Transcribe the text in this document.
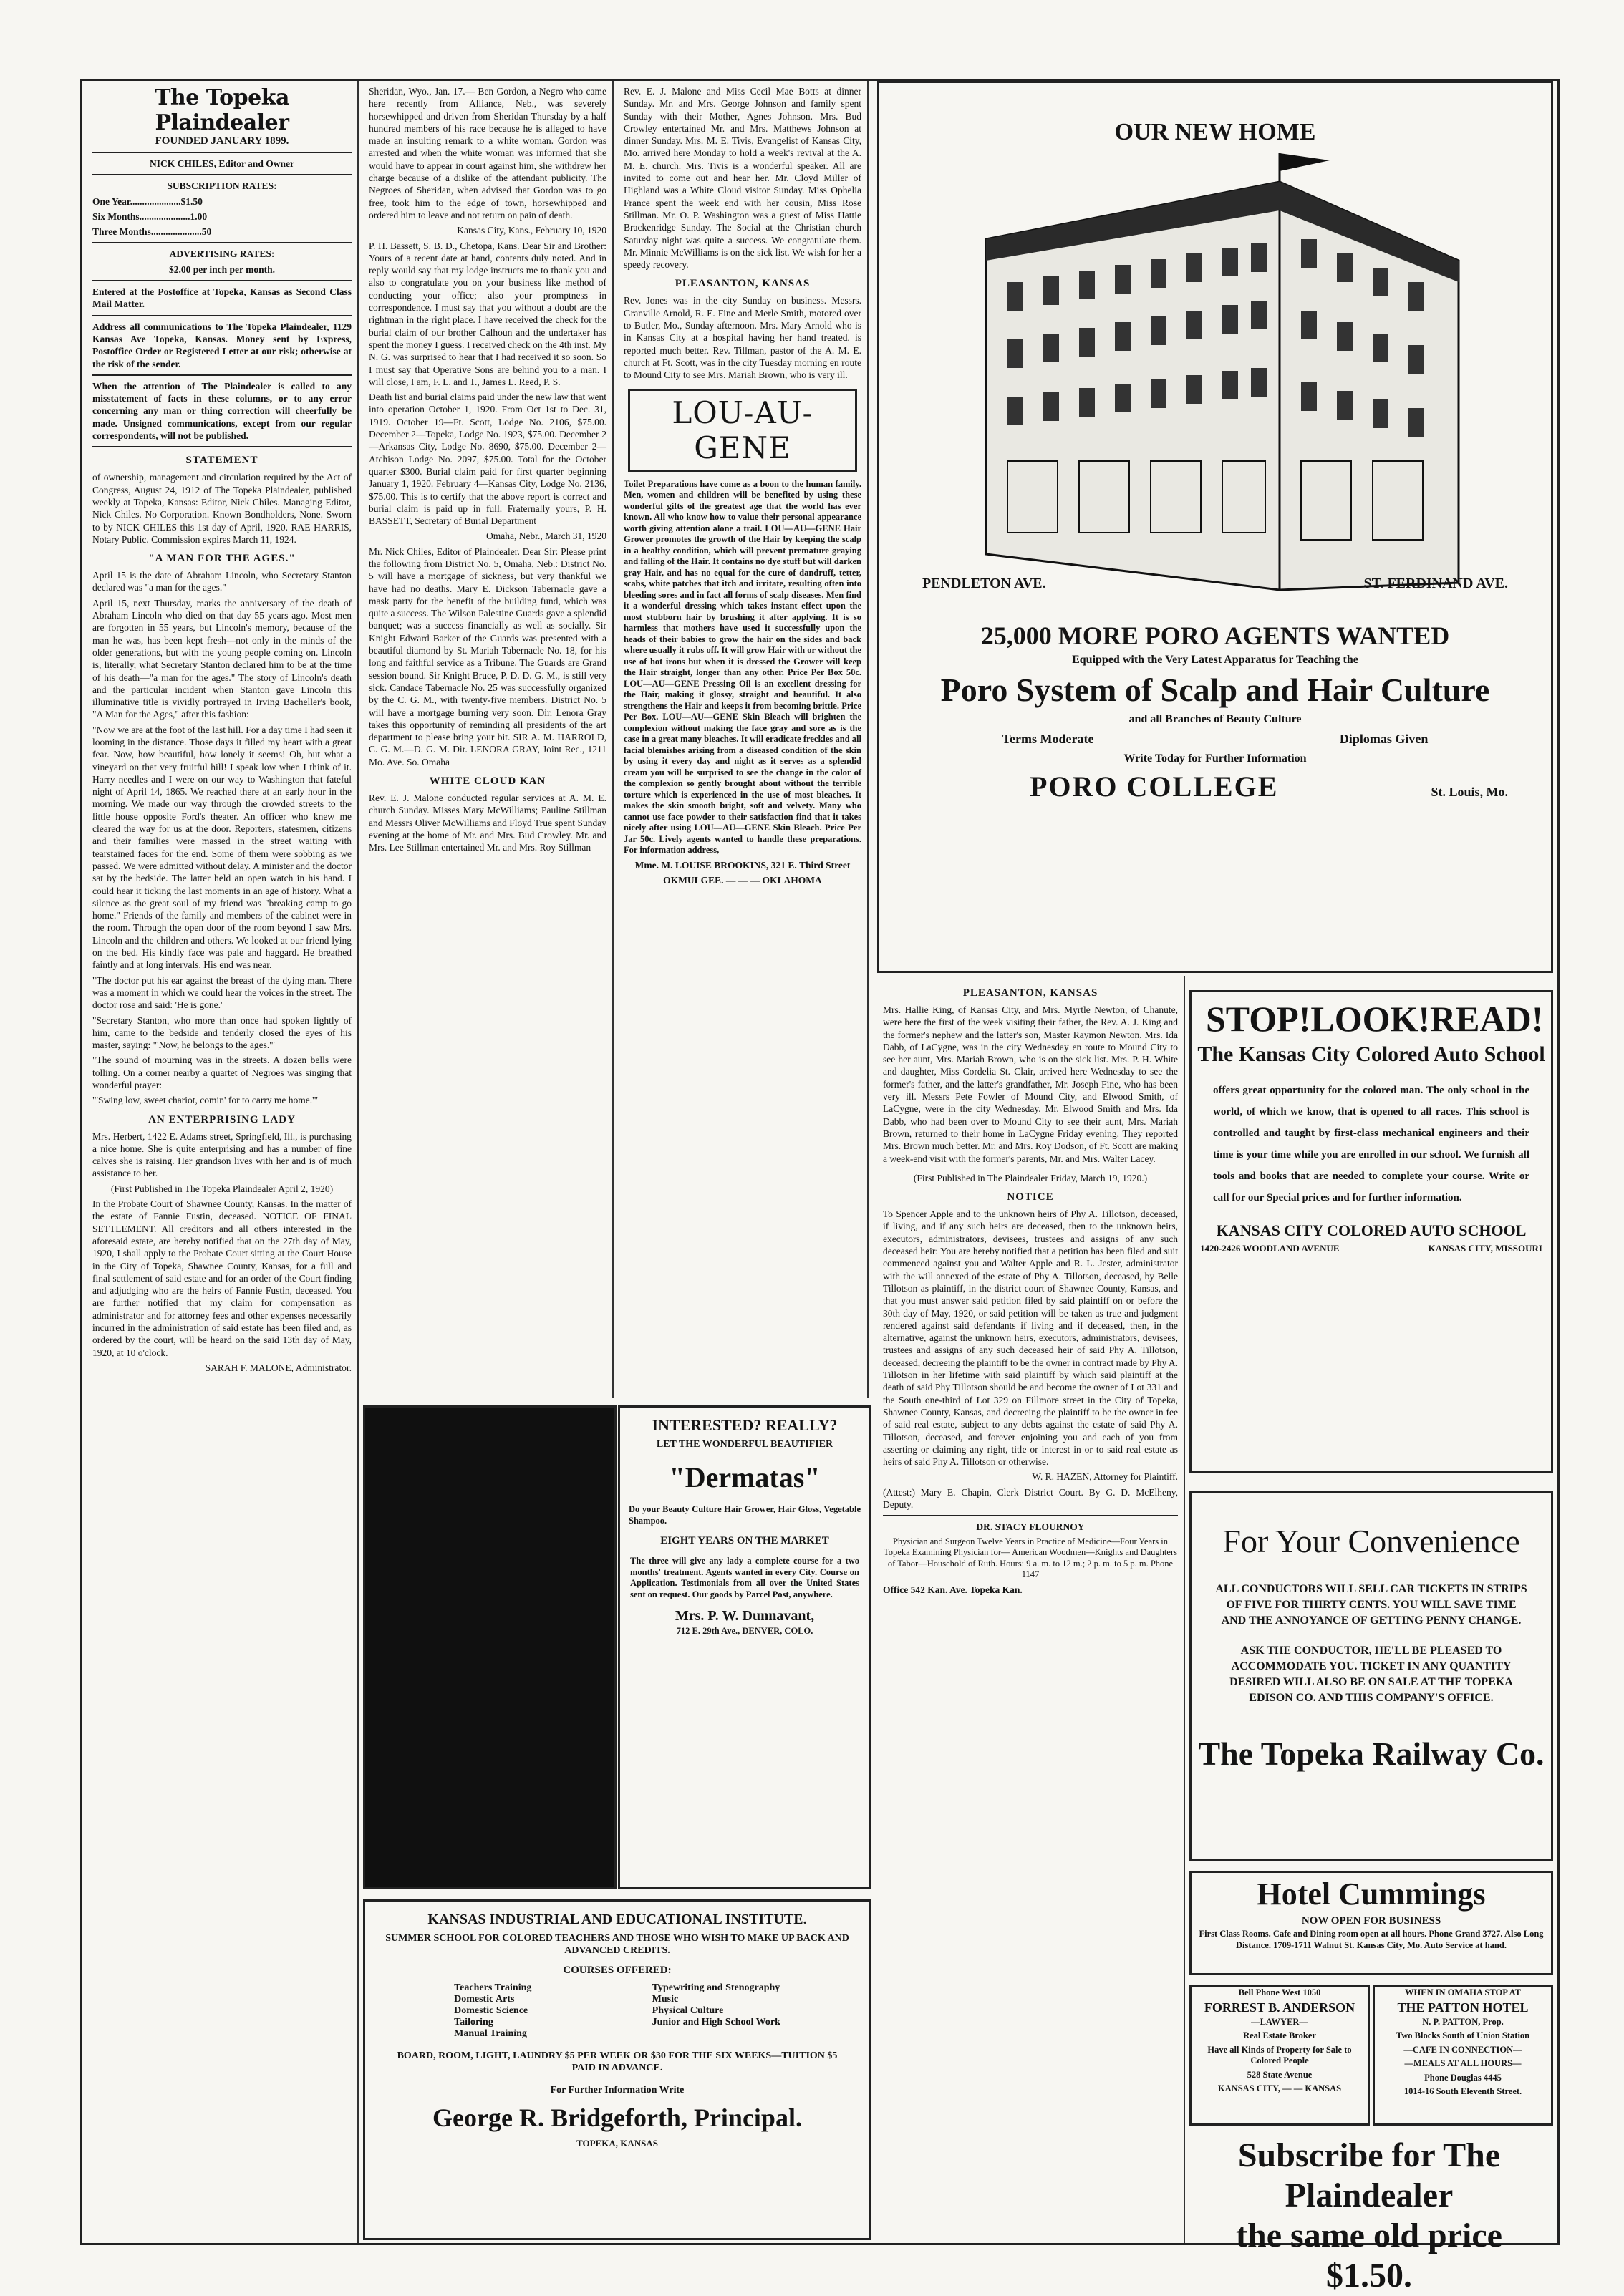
The Topeka Plaindealer
FOUNDED JANUARY 1899.

NICK CHILES, Editor and Owner

SUBSCRIPTION RATES:

One Year.....................$1.50

Six Months.....................1.00

Three Months.....................50

ADVERTISING RATES:

$2.00 per inch per month.

Entered at the Postoffice at Topeka, Kansas as Second Class Mail Matter.

Address all communications to The Topeka Plaindealer, 1129 Kansas Ave Topeka, Kansas. Money sent by Express, Postoffice Order or Registered Letter at our risk; otherwise at the risk of the sender.

When the attention of The Plaindealer is called to any misstatement of facts in these columns, or to any error concerning any man or thing correction will cheerfully be made. Unsigned communications, except from our regular correspondents, will not be published.

STATEMENT

of ownership, management and circulation required by the Act of Congress, August 24, 1912 of The Topeka Plaindealer, published weekly at Topeka, Kansas: Editor, Nick Chiles. Managing Editor, Nick Chiles. No Corporation. Known Bondholders, None. Sworn to by NICK CHILES this 1st day of April, 1920. RAE HARRIS, Notary Public. Commission expires March 11, 1924.

"A MAN FOR THE AGES."

April 15 is the date of Abraham Lincoln, who Secretary Stanton declared was "a man for the ages."

April 15, next Thursday, marks the anniversary of the death of Abraham Lincoln who died on that day 55 years ago. Most men are forgotten in 55 years, but Lincoln's memory, because of the man he was, has been kept fresh—not only in the minds of the older generations, but with the young people coming on. Lincoln is, literally, what Secretary Stanton declared him to be at the time of his death—"a man for the ages." The story of Lincoln's death and the particular incident when Stanton gave Lincoln this illuminative title is vividly portrayed in Irving Bacheller's book, "A Man for the Ages," after this fashion:

"Now we are at the foot of the last hill. For a day time I had seen it looming in the distance. Those days it filled my heart with a great fear. Now, how beautiful, how lonely it seems! Oh, but what a vineyard on that very fruitful hill! I speak low when I think of it. Harry needles and I were on our way to Washington that fateful night of April 14, 1865. We reached there at an early hour in the morning. We made our way through the crowded streets to the little house opposite Ford's theater. An officer who knew me cleared the way for us at the door. Reporters, statesmen, citizens and their families were massed in the street waiting with tearstained faces for the end. Some of them were sobbing as we passed. We were admitted without delay. A minister and the doctor sat by the bedside. The latter held an open watch in his hand. I could hear it ticking the last moments in an age of history. What a silence as the great soul of my friend was "breaking camp to go home." Friends of the family and members of the cabinet were in the room. Through the open door of the room beyond I saw Mrs. Lincoln and the children and others. We looked at our friend lying on the bed. His kindly face was pale and haggard. He breathed faintly and at long intervals. His end was near.

"The doctor put his ear against the breast of the dying man. There was a moment in which we could hear the voices in the street. The doctor rose and said: 'He is gone.'

"Secretary Stanton, who more than once had spoken lightly of him, came to the bedside and tenderly closed the eyes of his master, saying: "'Now, he belongs to the ages.'"

"The sound of mourning was in the streets. A dozen bells were tolling. On a corner nearby a quartet of Negroes was singing that wonderful prayer:

"'Swing low, sweet chariot, comin' for to carry me home.'"

AN ENTERPRISING LADY

Mrs. Herbert, 1422 E. Adams street, Springfield, Ill., is purchasing a nice home. She is quite enterprising and has a number of fine calves she is raising. Her grandson lives with her and is of much assistance to her.

(First Published in The Topeka Plaindealer April 2, 1920)

In the Probate Court of Shawnee County, Kansas. In the matter of the estate of Fannie Fustin, deceased. NOTICE OF FINAL SETTLEMENT. All creditors and all others interested in the aforesaid estate, are hereby notified that on the 27th day of May, 1920, I shall apply to the Probate Court sitting at the Court House in the City of Topeka, Shawnee County, Kansas, for a full and final settlement of said estate and for an order of the Court finding and adjudging who are the heirs of Fannie Fustin, deceased. You are further notified that my claim for compensation as administrator and for attorney fees and other expenses necessarily incurred in the administration of said estate has been filed and, as ordered by the court, will be heard on the said 13th day of May, 1920, at 10 o'clock.

SARAH F. MALONE, Administrator.

Sheridan, Wyo., Jan. 17.— Ben Gordon, a Negro who came here recently from Alliance, Neb., was severely horsewhipped and driven from Sheridan Thursday by a half hundred members of his race because he is alleged to have made an insulting remark to a white woman. Gordon was arrested and when the white woman was informed that she would have to appear in court against him, she withdrew her charge because of a dislike of the attendant publicity. The Negroes of Sheridan, when advised that Gordon was to go free, took him to the edge of town, horsewhipped and ordered him to leave and not return on pain of death.

Kansas City, Kans., February 10, 1920

P. H. Bassett, S. B. D., Chetopa, Kans. Dear Sir and Brother: Yours of a recent date at hand, contents duly noted. And in reply would say that my lodge instructs me to thank you and also to congratulate you on your business like method of conducting your office; also your promptness in correspondence. I must say that you without a doubt are the rightman in the right place. I have received the check for the burial claim of our brother Calhoun and the undertaker has spent the money I guess. I received check on the 4th inst. My N. G. was surprised to hear that I had received it so soon. So I must say that Operative Sons are behind you to a man. I will close, I am, F. L. and T., James L. Reed, P. S.

Death list and burial claims paid under the new law that went into operation October 1, 1920. From Oct 1st to Dec. 31, 1919. October 19—Ft. Scott, Lodge No. 2106, $75.00. December 2—Topeka, Lodge No. 1923, $75.00. December 2—Arkansas City, Lodge No. 8690, $75.00. December 2—Atchison Lodge No. 2097, $75.00. Total for the October quarter $300. Burial claim paid for first quarter beginning January 1, 1920. February 4—Kansas City, Lodge No. 2136, $75.00. This is to certify that the above report is correct and burial claim is paid up in full. Fraternally yours, P. H. BASSETT, Secretary of Burial Department

Omaha, Nebr., March 31, 1920

Mr. Nick Chiles, Editor of Plaindealer. Dear Sir: Please print the following from District No. 5, Omaha, Neb.: District No. 5 will have a mortgage of sickness, but very thankful we have had no deaths. Mary E. Dickson Tabernacle gave a mask party for the benefit of the building fund, which was quite a success. The Wilson Palestine Guards gave a splendid banquet; was a success financially as well as socially. Sir Knight Edward Barker of the Guards was presented with a beautiful diamond by St. Mariah Tabernacle No. 18, for his long and faithful service as a Tribune. The Guards are Grand session bound. Sir Knight Bruce, P. D. D. G. M., is still very sick. Candace Tabernacle No. 25 was successfully organized by the C. G. M., with twenty-five members. District No. 5 will have a mortgage burning very soon. Dir. Lenora Gray takes this opportunity of reminding all presidents of the art department to please bring your bit. SIR A. M. HARROLD, C. G. M.—D. G. M. Dir. LENORA GRAY, Joint Rec., 1211 Mo. Ave. So. Omaha

WHITE CLOUD KAN

Rev. E. J. Malone conducted regular services at A. M. E. church Sunday. Misses Mary McWilliams; Pauline Stillman and Messrs Oliver McWilliams and Floyd True spent Sunday evening at the home of Mr. and Mrs. Bud Crowley. Mr. and Mrs. Lee Stillman entertained Mr. and Mrs. Roy Stillman

Rev. E. J. Malone and Miss Cecil Mae Botts at dinner Sunday. Mr. and Mrs. George Johnson and family spent Sunday with their Mother, Agnes Johnson. Mrs. Bud Crowley entertained Mr. and Mrs. Matthews Johnson at dinner Sunday. Mrs. M. E. Tivis, Evangelist of Kansas City, Mo. arrived here Monday to hold a week's revival at the A. M. E. church. Mrs. Tivis is a wonderful speaker. All are invited to come out and hear her. Mr. Cloyd Miller of Highland was a White Cloud visitor Sunday. Miss Ophelia France spent the week end with her cousin, Miss Rose Stillman. Mr. O. P. Washington was a guest of Miss Hattie Brackenridge Sunday. The Social at the Christian church Saturday night was quite a success. We congratulate them. Mr. Minnie McWilliams is on the sick list. We wish for her a speedy recovery.

PLEASANTON, KANSAS

Rev. Jones was in the city Sunday on business. Messrs. Granville Arnold, R. E. Fine and Merle Smith, motored over to Butler, Mo., Sunday afternoon. Mrs. Mary Arnold who is in Kansas City at a hospital having her hand treated, is reported much better. Rev. Tillman, pastor of the A. M. E. church at Ft. Scott, was in the city Tuesday morning en route to Mound City to see Mrs. Mariah Brown, who is very ill.

LOU-AU-GENE

Toilet Preparations have come as a boon to the human family. Men, women and children will be benefited by using these wonderful gifts of the greatest age that the world has ever known. All who know how to value their personal appearance worth giving attention alone a trail. LOU—AU—GENE Hair Grower promotes the growth of the Hair by keeping the scalp in a healthy condition, which will prevent premature graying and falling of the Hair. It contains no dye stuff but will darken gray Hair, and has no equal for the cure of dandruff, tetter, scabs, white patches that itch and irritate, resulting often into bleeding sores and in fact all forms of scalp diseases. Men find it a wonderful dressing which takes instant effect upon the most stubborn hair by brushing it after applying. It is so harmless that mothers have used it successfully upon the heads of their babies to grow the hair on the sides and back where usually it rubs off. It will grow Hair with or without the use of hot irons but when it is dressed the Grower will keep the Hair straight, longer than any other. Price Per Box 50c. LOU—AU—GENE Pressing Oil is an excellent dressing for the Hair, making it glossy, straight and beautiful. It also strengthens the Hair and keeps it from becoming brittle. Price Per Box. LOU—AU—GENE Skin Bleach will brighten the complexion without making the face gray and sore as is the case in a great many bleaches. It will eradicate freckles and all facial blemishes arising from a diseased condition of the skin by using it every day and night as it serves as a splendid cream you will be surprised to see the change in the color of the complexion so gently brought about without the terrible torture which is experienced in the use of most bleaches. It makes the skin smooth bright, soft and velvety. Many who cannot use face powder to their satisfaction find that it takes nicely after using LOU—AU—GENE Skin Bleach. Price Per Jar 50c. Lively agents wanted to handle these preparations. For information address,

Mme. M. LOUISE BROOKINS, 321 E. Third Street

OKMULGEE. — — — OKLAHOMA

OUR NEW HOME
PENDLETON AVE.	ST. FERDINAND AVE.
25,000 MORE PORO AGENTS WANTED
Equipped with the Very Latest Apparatus for Teaching the
Poro System of Scalp and Hair Culture
and all Branches of Beauty Culture
Terms Moderate	Diplomas Given
Write Today for Further Information
PORO COLLEGE	St. Louis, Mo.
PLEASANTON, KANSAS

Mrs. Hallie King, of Kansas City, and Mrs. Myrtle Newton, of Chanute, were here the first of the week visiting their father, the Rev. A. J. King and the former's nephew and the latter's son, Master Raymon Newton. Mrs. Ida Dabb, of LaCygne, was in the city Wednesday en route to Mound City to see her aunt, Mrs. Mariah Brown, who is on the sick list. Mrs. P. H. White and daughter, Miss Cordelia St. Clair, arrived here Wednesday to see the former's father, and the latter's grandfather, Mr. Joseph Fine, who has been very ill. Messrs Pete Fowler of Mound City, and Elwood Smith, of LaCygne, were in the city Wednesday. Mr. Elwood Smith and Mrs. Ida Dabb, who had been over to Mound City to see their aunt, Mrs. Mariah Brown, returned to their home in LaCygne Friday evening. They reported Mrs. Brown much better. Mr. and Mrs. Roy Dodson, of Ft. Scott are making a week-end visit with the former's parents, Mr. and Mrs. Walter Lacey.

(First Published in The Plaindealer Friday, March 19, 1920.)

NOTICE

To Spencer Apple and to the unknown heirs of Phy A. Tillotson, deceased, if living, and if any such heirs are deceased, then to the unknown heirs, executors, administrators, devisees, trustees and assigns of any such deceased heir: You are hereby notified that a petition has been filed and suit commenced against you and Walter Apple and R. L. Jester, administrator with the will annexed of the estate of Phy A. Tillotson, deceased, by Belle Tillotson as plaintiff, in the district court of Shawnee County, Kansas, and that you must answer said petition filed by said plaintiff on or before the 30th day of May, 1920, or said petition will be taken as true and judgment rendered against said defendants if living and if deceased, then, in the alternative, against the unknown heirs, executors, administrators, devisees, trustees and assigns of any such deceased heir of said Phy A. Tillotson, deceased, decreeing the plaintiff to be the owner in contract made by Phy A. Tillotson in her lifetime with said plaintiff by which said plaintiff at the death of said Phy Tillotson should be and become the owner of Lot 331 and the South one-third of Lot 329 on Fillmore street in the City of Topeka, Shawnee County, Kansas, and decreeing the plaintiff to be the owner in fee of said real estate, subject to any debts against the estate of said Phy A. Tillotson, deceased, and forever enjoining you and each of you from asserting or claiming any right, title or interest in or to said real estate as heirs of said Phy A. Tillotson or otherwise.

W. R. HAZEN, Attorney for Plaintiff.

(Attest:) Mary E. Chapin, Clerk District Court. By G. D. McElheny, Deputy.

DR. STACY FLOURNOY

Physician and Surgeon Twelve Years in Practice of Medicine—Four Years in Topeka Examining Physician for— American Woodmen—Knights and Daughters of Tabor—Household of Ruth. Hours: 9 a. m. to 12 m.; 2 p. m. to 5 p. m. Phone 1147

Office 542 Kan. Ave. Topeka Kan.

STOP! LOOK! READ!
The Kansas City Colored Auto School

offers great opportunity for the colored man. The only school in the world, of which we know, that is opened to all races. This school is controlled and taught by first-class mechanical engineers and their time is your time while you are enrolled in our school. We furnish all tools and books that are needed to complete your course. Write or call for our Special prices and for further information.

KANSAS CITY COLORED AUTO SCHOOL
1420-2426 WOODLAND AVENUE	KANSAS CITY, MISSOURI
For Your Convenience

ALL CONDUCTORS WILL SELL CAR TICKETS IN STRIPS OF FIVE FOR THIRTY CENTS. YOU WILL SAVE TIME AND THE ANNOYANCE OF GETTING PENNY CHANGE.

ASK THE CONDUCTOR, HE'LL BE PLEASED TO ACCOMMODATE YOU. TICKET IN ANY QUANTITY DESIRED WILL ALSO BE ON SALE AT THE TOPEKA EDISON CO. AND THIS COMPANY'S OFFICE.

The Topeka Railway Co.
Hotel Cummings
NOW OPEN FOR BUSINESS

First Class Rooms. Cafe and Dining room open at all hours. Phone Grand 3727. Also Long Distance. 1709-1711 Walnut St. Kansas City, Mo. Auto Service at hand.

Bell Phone West 1050

FORREST B. ANDERSON

—LAWYER—

Real Estate Broker

Have all Kinds of Property for Sale to Colored People

528 State Avenue

KANSAS CITY, — — KANSAS

WHEN IN OMAHA STOP AT

THE PATTON HOTEL

N. P. PATTON, Prop.

Two Blocks South of Union Station

—CAFE IN CONNECTION—

—MEALS AT ALL HOURS—

Phone Douglas 4445

1014-16 South Eleventh Street.

Subscribe for The Plaindealer
the same old price $1.50.
INTERESTED? REALLY?
LET THE WONDERFUL BEAUTIFIER
"Dermatas"

Do your Beauty Culture Hair Grower, Hair Gloss, Vegetable Shampoo.

EIGHT YEARS ON THE MARKET

The three will give any lady a complete course for a two months' treatment. Agents wanted in every City. Course on Application. Testimonials from all over the United States sent on request. Our goods by Parcel Post, anywhere.

Mrs. P. W. Dunnavant,

712 E. 29th Ave., DENVER, COLO.

KANSAS INDUSTRIAL AND EDUCATIONAL INSTITUTE.

SUMMER SCHOOL FOR COLORED TEACHERS AND THOSE WHO WISH TO MAKE UP BACK AND ADVANCED CREDITS.

COURSES OFFERED:

Teachers Training
Domestic Arts
Domestic Science
Tailoring
Manual Training
Typewriting and Stenography
Music
Physical Culture
Junior and High School Work

BOARD, ROOM, LIGHT, LAUNDRY $5 PER WEEK OR $30 FOR THE SIX WEEKS—TUITION $5 PAID IN ADVANCE.

For Further Information Write

George R. Bridgeforth, Principal.

TOPEKA, KANSAS
